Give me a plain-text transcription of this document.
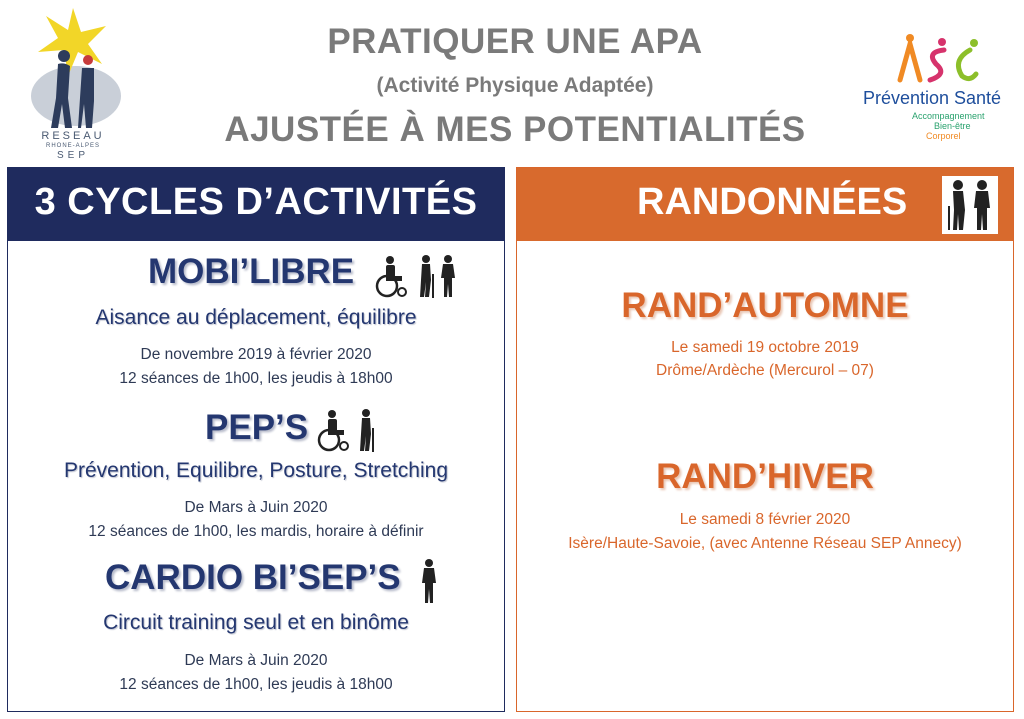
RESEAU
RHONE-ALPES
SEP
PRATIQUER UNE APA
(Activité Physique Adaptée)
AJUSTÉE À MES POTENTIALITÉS
Prévention Santé
Accompagnement
Bien-être
Corporel
3 CYCLES D’ACTIVITÉS
MOBI’LIBRE
Aisance au déplacement, équilibre
De novembre 2019 à février 2020
12 séances de 1h00, les jeudis à 18h00
PEP’S
Prévention, Equilibre, Posture, Stretching
De Mars à Juin 2020
12 séances de 1h00, les mardis, horaire à définir
CARDIO BI’SEP’S
Circuit training seul et en binôme
De Mars à Juin 2020
12 séances de 1h00, les jeudis à 18h00
RANDONNÉES
RAND’AUTOMNE
Le samedi 19 octobre 2019
Drôme/Ardèche (Mercurol – 07)
RAND’HIVER
Le samedi 8 février 2020
Isère/Haute-Savoie, (avec Antenne Réseau SEP Annecy)
